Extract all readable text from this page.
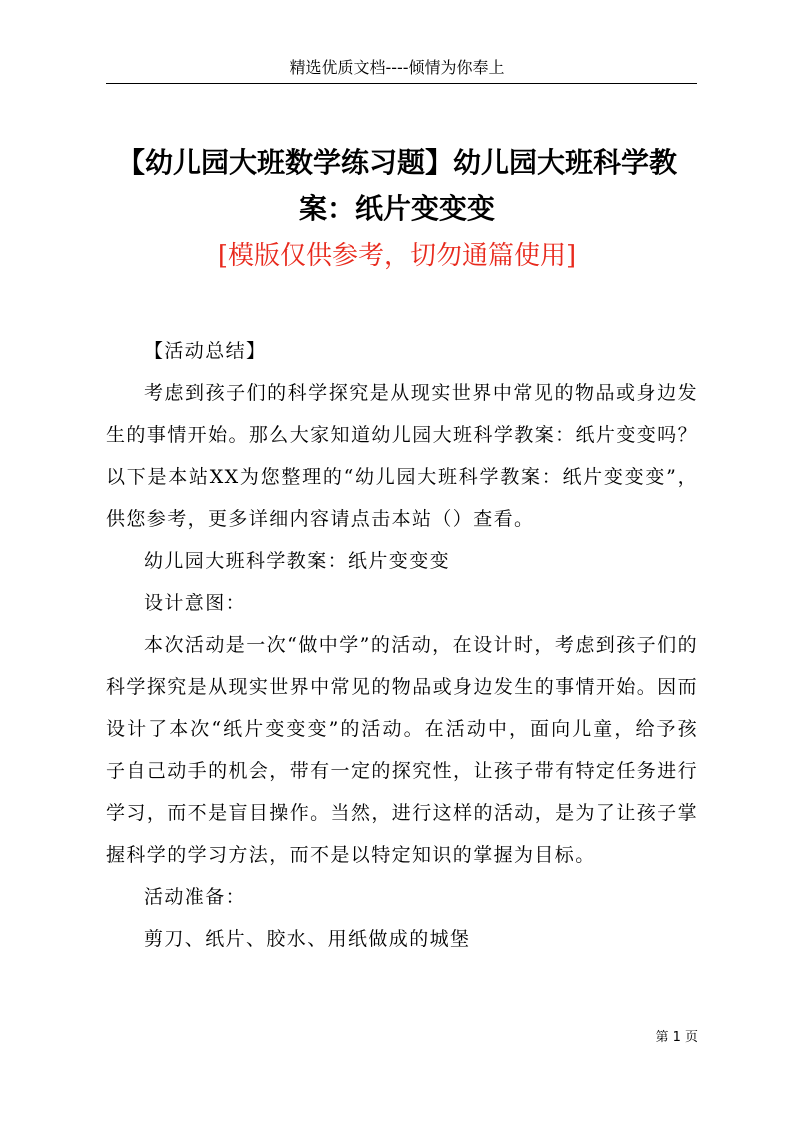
精选优质文档----倾情为你奉上
【幼儿园大班数学练习题】幼儿园大班科学教案：纸片变变变
[模版仅供参考，切勿通篇使用]

【活动总结】

考虑到孩子们的科学探究是从现实世界中常见的物品或身边发生的事情开始。那么大家知道幼儿园大班科学教案：纸片变变吗？以下是本站XX为您整理的“幼儿园大班科学教案：纸片变变变”，供您参考，更多详细内容请点击本站（）查看。

幼儿园大班科学教案：纸片变变变

设计意图：

本次活动是一次“做中学”的活动，在设计时，考虑到孩子们的科学探究是从现实世界中常见的物品或身边发生的事情开始。因而设计了本次“纸片变变变”的活动。在活动中，面向儿童，给予孩子自己动手的机会，带有一定的探究性，让孩子带有特定任务进行学习，而不是盲目操作。当然，进行这样的活动，是为了让孩子掌握科学的学习方法，而不是以特定知识的掌握为目标。

活动准备：

剪刀、纸片、胶水、用纸做成的城堡

第 1 页
